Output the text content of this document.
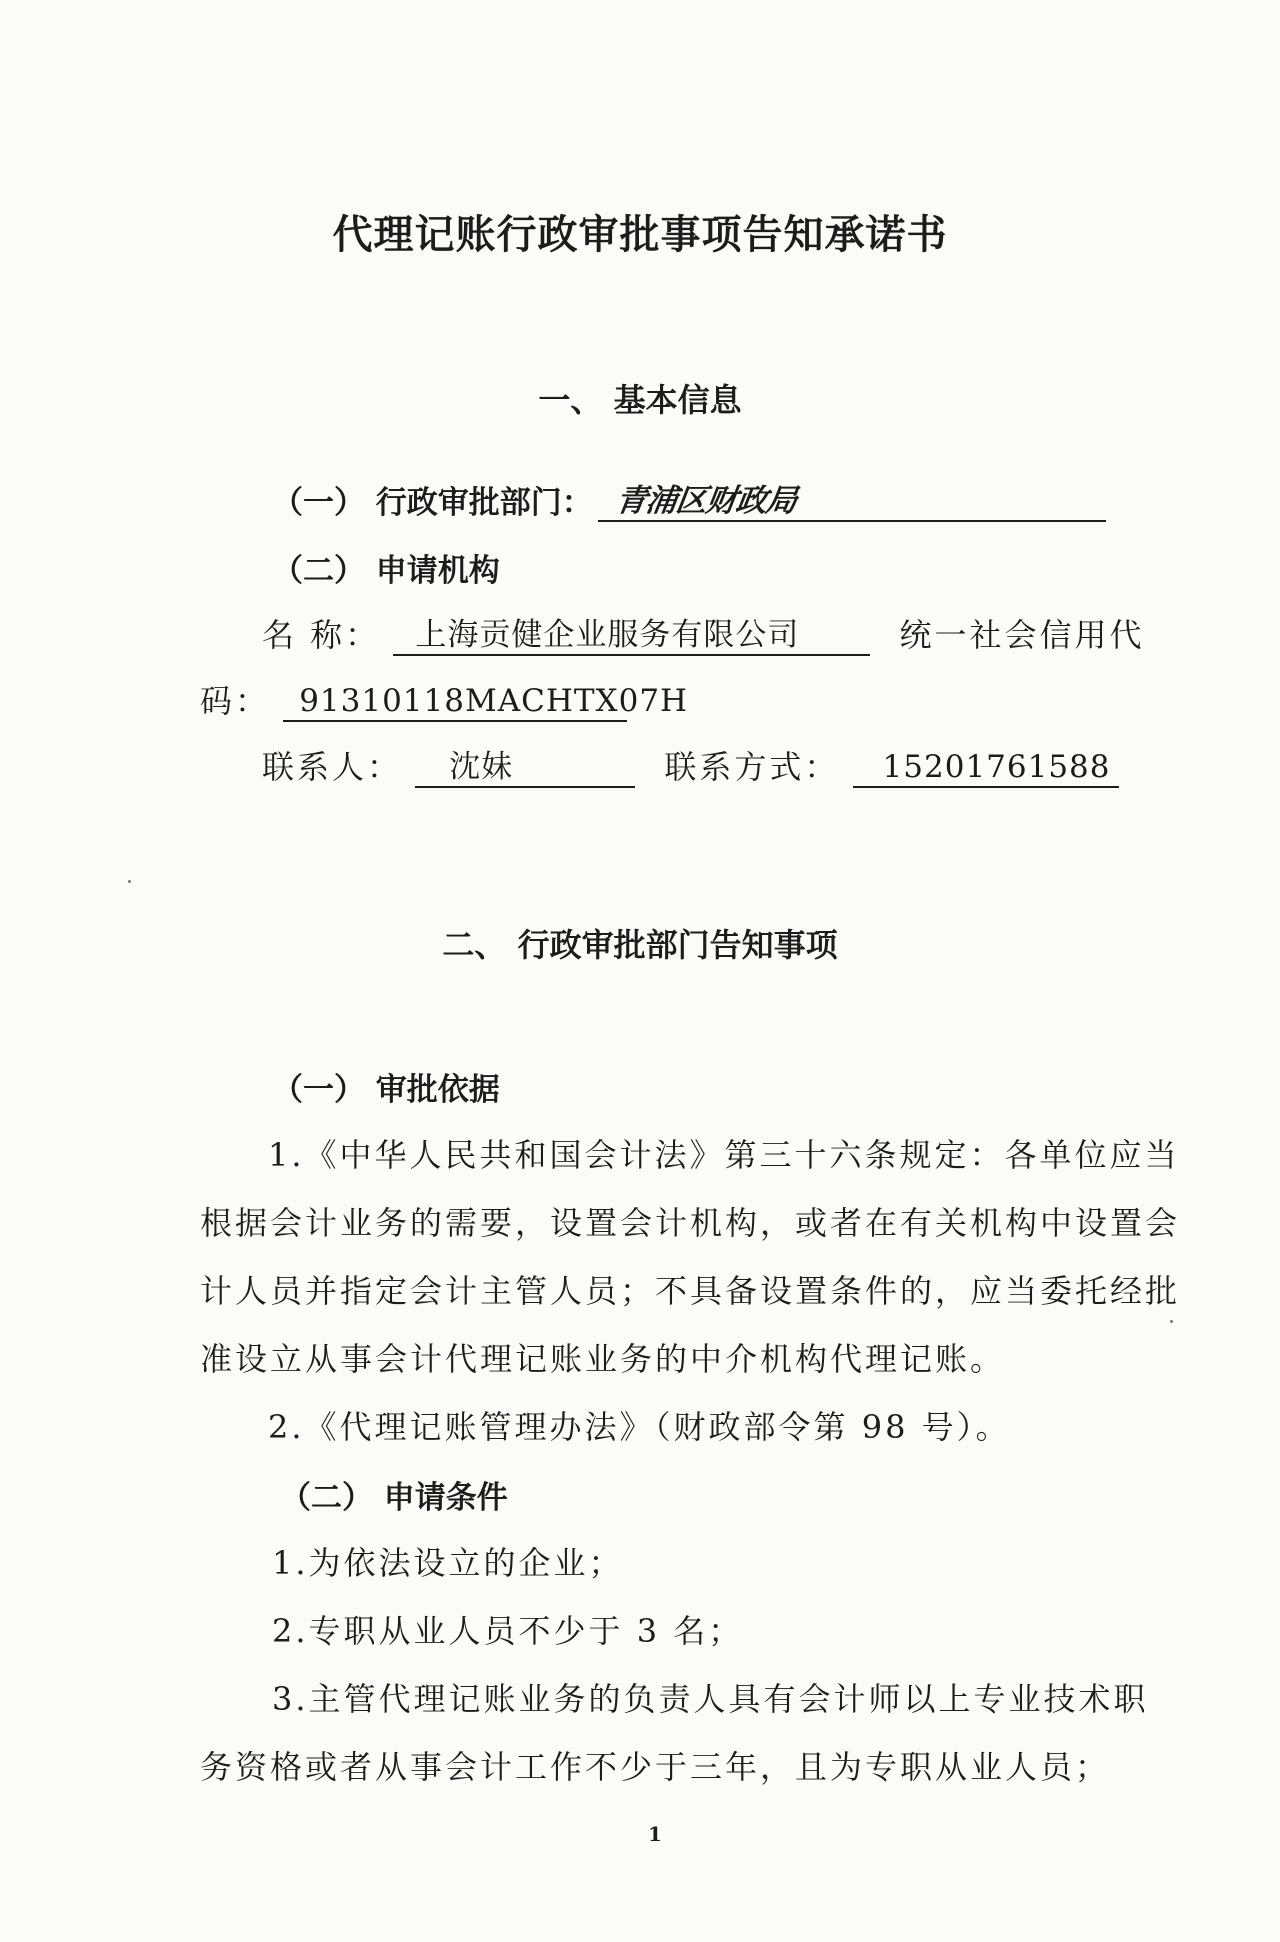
代理记账行政审批事项告知承诺书
一、 基本信息
（一） 行政审批部门： 青浦区财政局
（二） 申请机构
名 称： 上海贡健企业服务有限公司	统一社会信用代
码： 91310118MACHTX07H
联系人： 沈妹	联系方式： 15201761588
二、 行政审批部门告知事项
（一） 审批依据
1.《中华人民共和国会计法》第三十六条规定：各单位应当
根据会计业务的需要，设置会计机构，或者在有关机构中设置会
计人员并指定会计主管人员；不具备设置条件的，应当委托经批
准设立从事会计代理记账业务的中介机构代理记账。
2.《代理记账管理办法》（财政部令第 98 号）。
（二） 申请条件
1.为依法设立的企业；
2.专职从业人员不少于 3 名；
3.主管代理记账业务的负责人具有会计师以上专业技术职
务资格或者从事会计工作不少于三年，且为专职从业人员；
1
